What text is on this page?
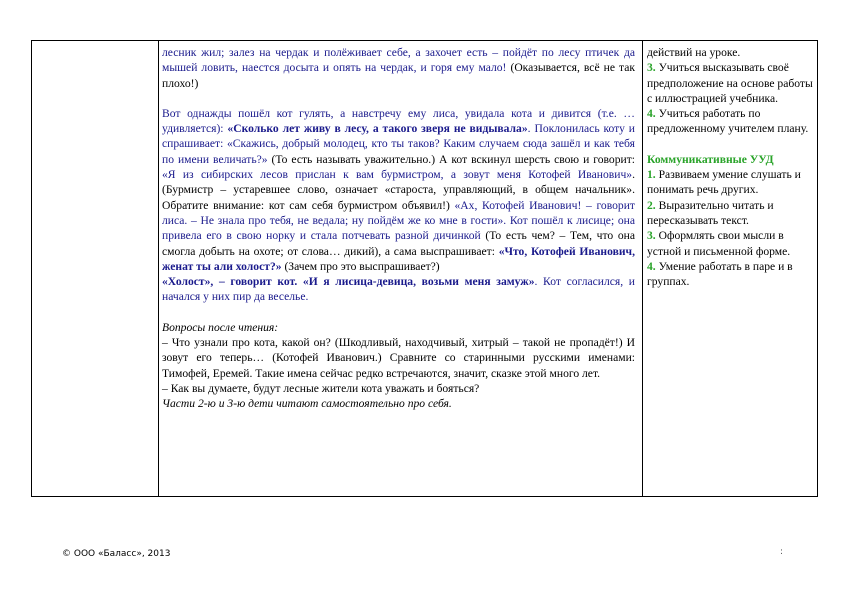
лесник жил; залез на чердак и полёживает себе, а захочет есть – пойдёт по лесу птичек да мышей ловить, наестся досыта и опять на чердак, и горя ему мало! (Оказывается, всё не так плохо!)

Вот однажды пошёл кот гулять, а навстречу ему лиса, увидала кота и дивится (т.е. … удивляется): «Сколько лет живу в лесу, а такого зверя не видывала». Поклонилась коту и спрашивает: «Скажись, добрый молодец, кто ты таков? Каким случаем сюда зашёл и как тебя по имени величать?» (То есть называть уважительно.) А кот вскинул шерсть свою и говорит: «Я из сибирских лесов прислан к вам бурмистром, а зовут меня Котофей Иванович». (Бурмистр – устаревшее слово, означает «староста, управляющий, в общем начальник». Обратите внимание: кот сам себя бурмистром объявил!) «Ах, Котофей Иванович! – говорит лиса. – Не знала про тебя, не ведала; ну пойдём же ко мне в гости». Кот пошёл к лисице; она привела его в свою норку и стала потчевать разной дичинкой (То есть чем? – Тем, что она смогла добыть на охоте; от слова… дикий), а сама выспрашивает: «Что, Котофей Иванович, женат ты али холост?» (Зачем про это выспрашивает?)

«Холост», – говорит кот. «И я лисица-девица, возьми меня замуж». Кот согласился, и начался у них пир да веселье.

Вопросы после чтения:

– Что узнали про кота, какой он? (Шкодливый, находчивый, хитрый – такой не пропадёт!) И зовут его теперь… (Котофей Иванович.) Сравните со старинными русскими именами: Тимофей, Еремей. Такие имена сейчас редко встречаются, значит, сказке этой много лет.

– Как вы думаете, будут лесные жители кота уважать и бояться?

Части 2-ю и 3-ю дети читают самостоятельно про себя.

действий на уроке.

3. Учиться высказывать своё предположение на основе работы с иллюстрацией учебника.

4. Учиться работать по предложенному учителем плану.

Коммуникативные УУД

1. Развиваем умение слушать и понимать речь других.

2. Выразительно читать и пересказывать текст.

3. Оформлять свои мысли в устной и письменной форме.

4. Умение работать в паре и в группах.

© ООО «Баласс», 2013	:
